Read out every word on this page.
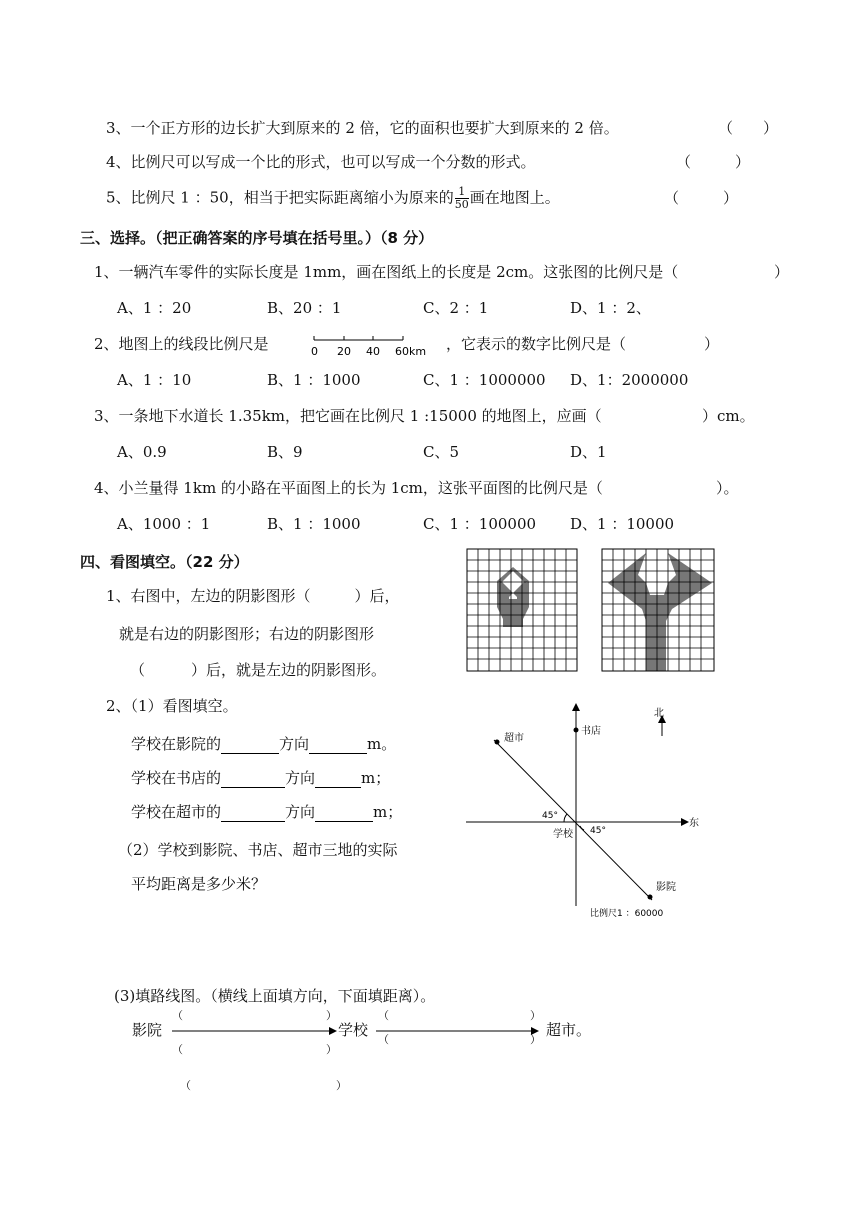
3、一个正方形的边长扩大到原来的 2 倍，它的面积也要扩大到原来的 2 倍。	（ ）
4、比例尺可以写成一个比的形式，也可以写成一个分数的形式。	（	）
5、比例尺 1 ：50，相当于把实际距离缩小为原来的 $\frac{1}{50}$ 画在地图上。	（	）
三、选择。（把正确答案的序号填在括号里。）（8 分）
1、一辆汽车零件的实际长度是 1mm，画在图纸上的长度是 2cm。这张图的比例尺是（	）
A、1 ：20	B、20 ：1	C、2 ：1	D、1 ：2、
2、地图上的线段比例尺是	0 20 40 60km ，它表示的数字比例尺是（	）
A、1 ：10	B、1 ：1000	C、1 ：1000000 D、1：2000000
3、一条地下水道长 1.35km，把它画在比例尺 1 :15000 的地图上，应画（	）cm。
A、0.9	B、9	C、5	D、1
4、小兰量得 1km 的小路在平面图上的长为 1cm，这张平面图的比例尺是（	）。
A、1000 ：1	B、1 ：1000	C、1 ：100000 D、1 ：10000
四、看图填空。（22 分）
1、右图中，左边的阴影图形（	）后，
就是右边的阴影图形；右边的阴影图形
（	）后，就是左边的阴影图形。
2、（1）看图填空。
学校在影院的	方向	m。
学校在书店的	方向	m；
学校在超市的	方向	m；
（2）学校到影院、书店、超市三地的实际
平均距离是多少米？
北
东
书店
超市
学校
影院
45°
45°
比例尺1 ：60000
(3)填路线图。（横线上面填方向，下面填距离）。
影院	学校	超市。
（	）
（	）
（	）
（	）
（	）
